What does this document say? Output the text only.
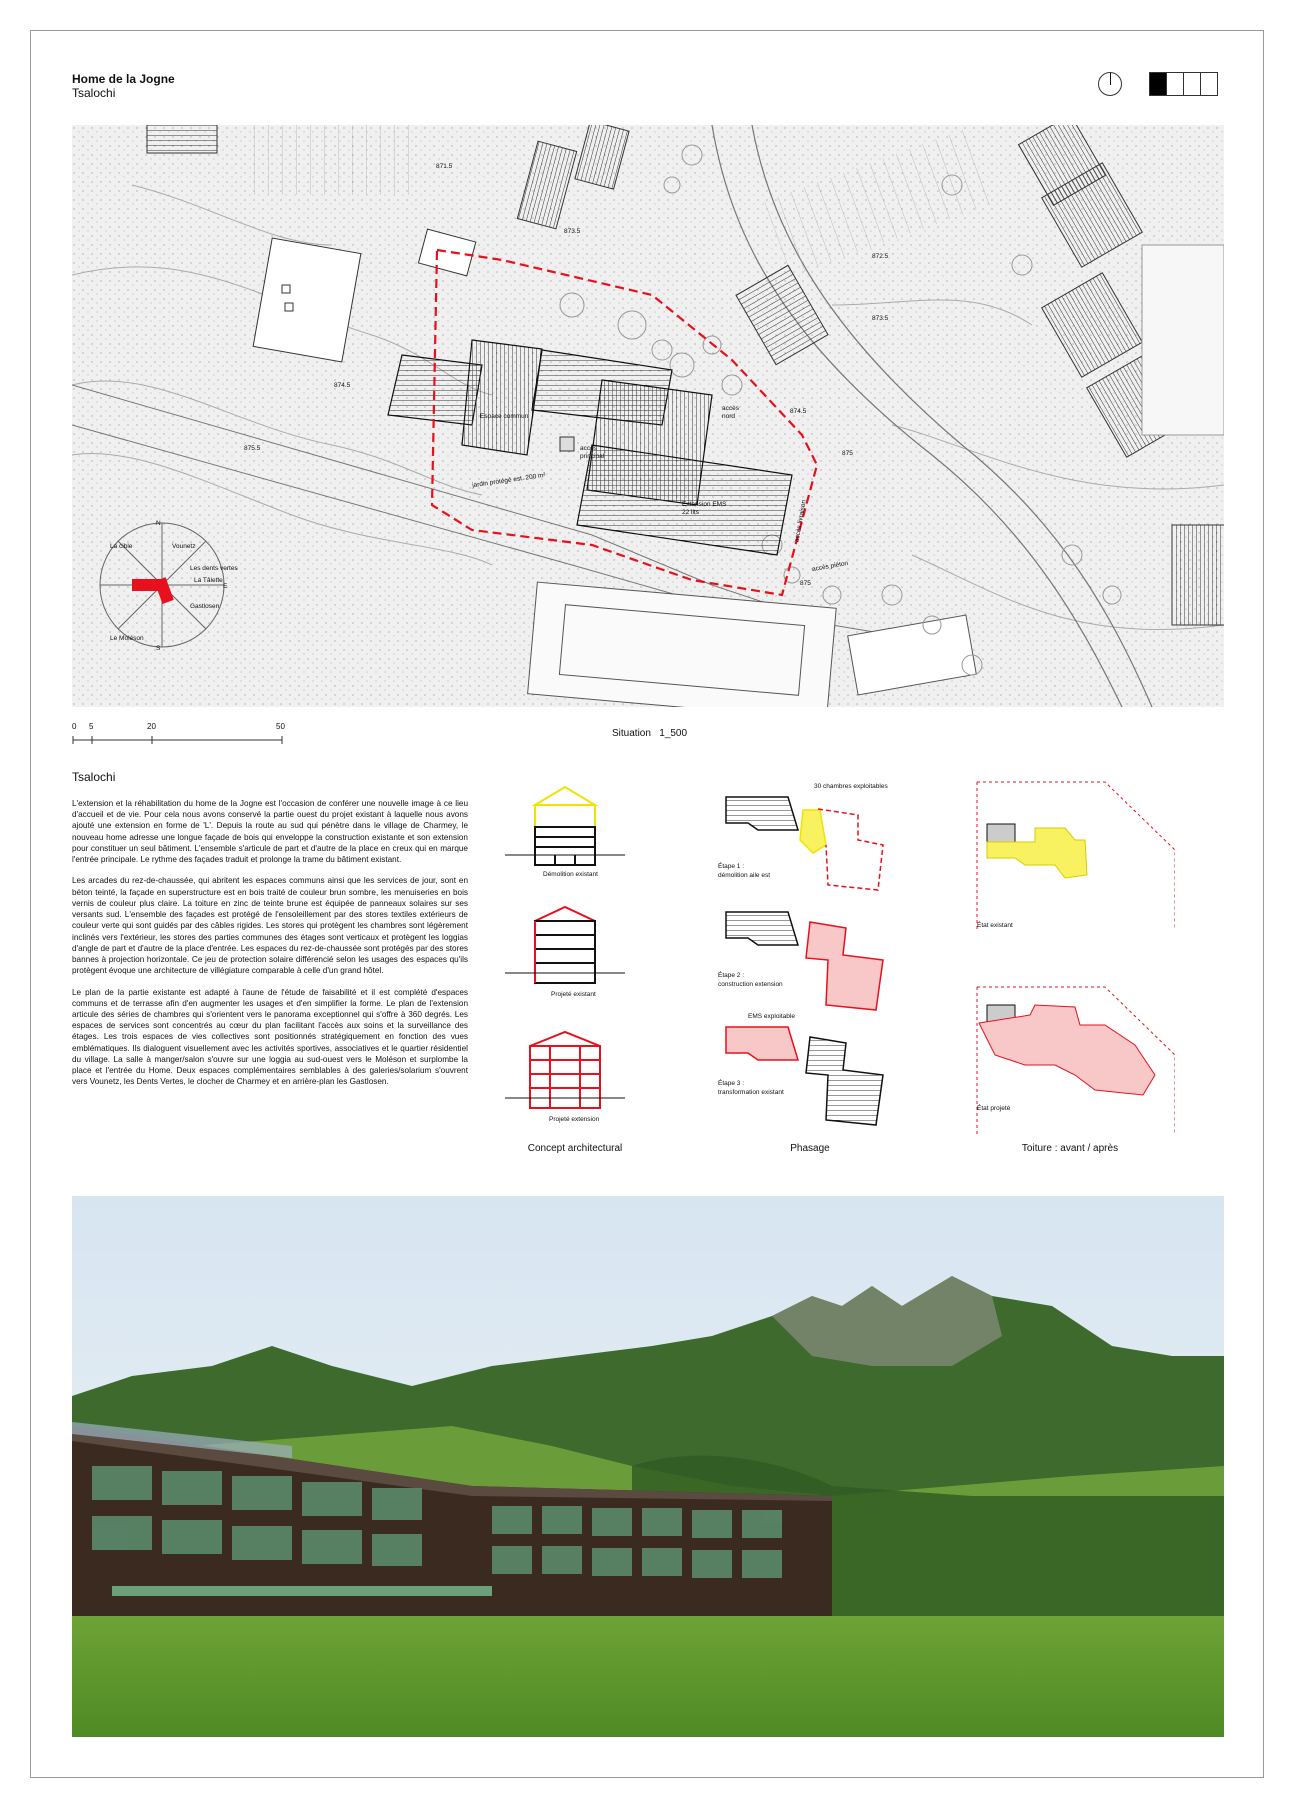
Home de la Jogne
Tsalochi
871.5
873.5
874.5
875.5
872.5
873.5
874.5
875
875
accès nord
accès principal
jardin protégé est. 200 m²
Extension EMS 22 lits
Espace commun
accès piéton
accès livraison
N
E
S
Vounetz
Les dents vertes
La Tâlette
Gastlosen
Le Moléson
La cible
0 5	20	50
Situation   1_500
Tsalochi

L'extension et la réhabilitation du home de la Jogne est l'occasion de conférer une nouvelle image à ce lieu d'accueil et de vie. Pour cela nous avons conservé la partie ouest du projet existant à laquelle nous avons ajouté une extension en forme de 'L'. Depuis la route au sud qui pénètre dans le village de Charmey, le nouveau home adresse une longue façade de bois qui enveloppe la construction existante et son extension pour constituer un seul bâtiment. L'ensemble s'articule de part et d'autre de la place en creux qui en marque l'entrée principale. Le rythme des façades traduit et prolonge la trame du bâtiment existant.

Les arcades du rez-de-chaussée, qui abritent les espaces communs ainsi que les services de jour, sont en béton teinté, la façade en superstructure est en bois traité de couleur brun sombre, les menuiseries en bois vernis de couleur plus claire. La toiture en zinc de teinte brune est équipée de panneaux solaires sur ses versants sud. L'ensemble des façades est protégé de l'ensoleillement par des stores textiles extérieurs de couleur verte qui sont guidés par des câbles rigides. Les stores qui protègent les chambres sont légèrement inclinés vers l'extérieur, les stores des parties communes des étages sont verticaux et protègent les loggias d'angle de part et d'autre de la place d'entrée. Les espaces du rez-de-chaussée sont protégés par des stores bannes à projection horizontale. Ce jeu de protection solaire différencié selon les usages des espaces qu'ils protègent évoque une architecture de villégiature comparable à celle d'un grand hôtel.

Le plan de la partie existante est adapté à l'aune de l'étude de faisabilité et il est complété d'espaces communs et de terrasse afin d'en augmenter les usages et d'en simplifier la forme. Le plan de l'extension articule des séries de chambres qui s'orientent vers le panorama exceptionnel qui s'offre à 360 degrés. Les espaces de services sont concentrés au cœur du plan facilitant l'accès aux soins et la surveillance des étages. Les trois espaces de vies collectives sont positionnés stratégiquement en fonction des vues emblématiques. Ils dialoguent visuellement avec les activités sportives, associatives et le quartier résidentiel du village. La salle à manger/salon s'ouvre sur une loggia au sud-ouest vers le Moléson et surplombe la place et l'entrée du Home. Deux espaces complémentaires semblables à des galeries/solarium s'ouvrent vers Vounetz, les Dents Vertes, le clocher de Charmey et en arrière-plan les Gastlosen.

Démolition existant
Projeté existant
Projeté extension
Concept architectural
30 chambres exploitables
Étape 1 :
démolition aile est
Étape 2 :
construction extension
EMS exploitable
Étape 3 :
transformation existant
Phasage
État existant
État projeté
Toiture : avant / après
